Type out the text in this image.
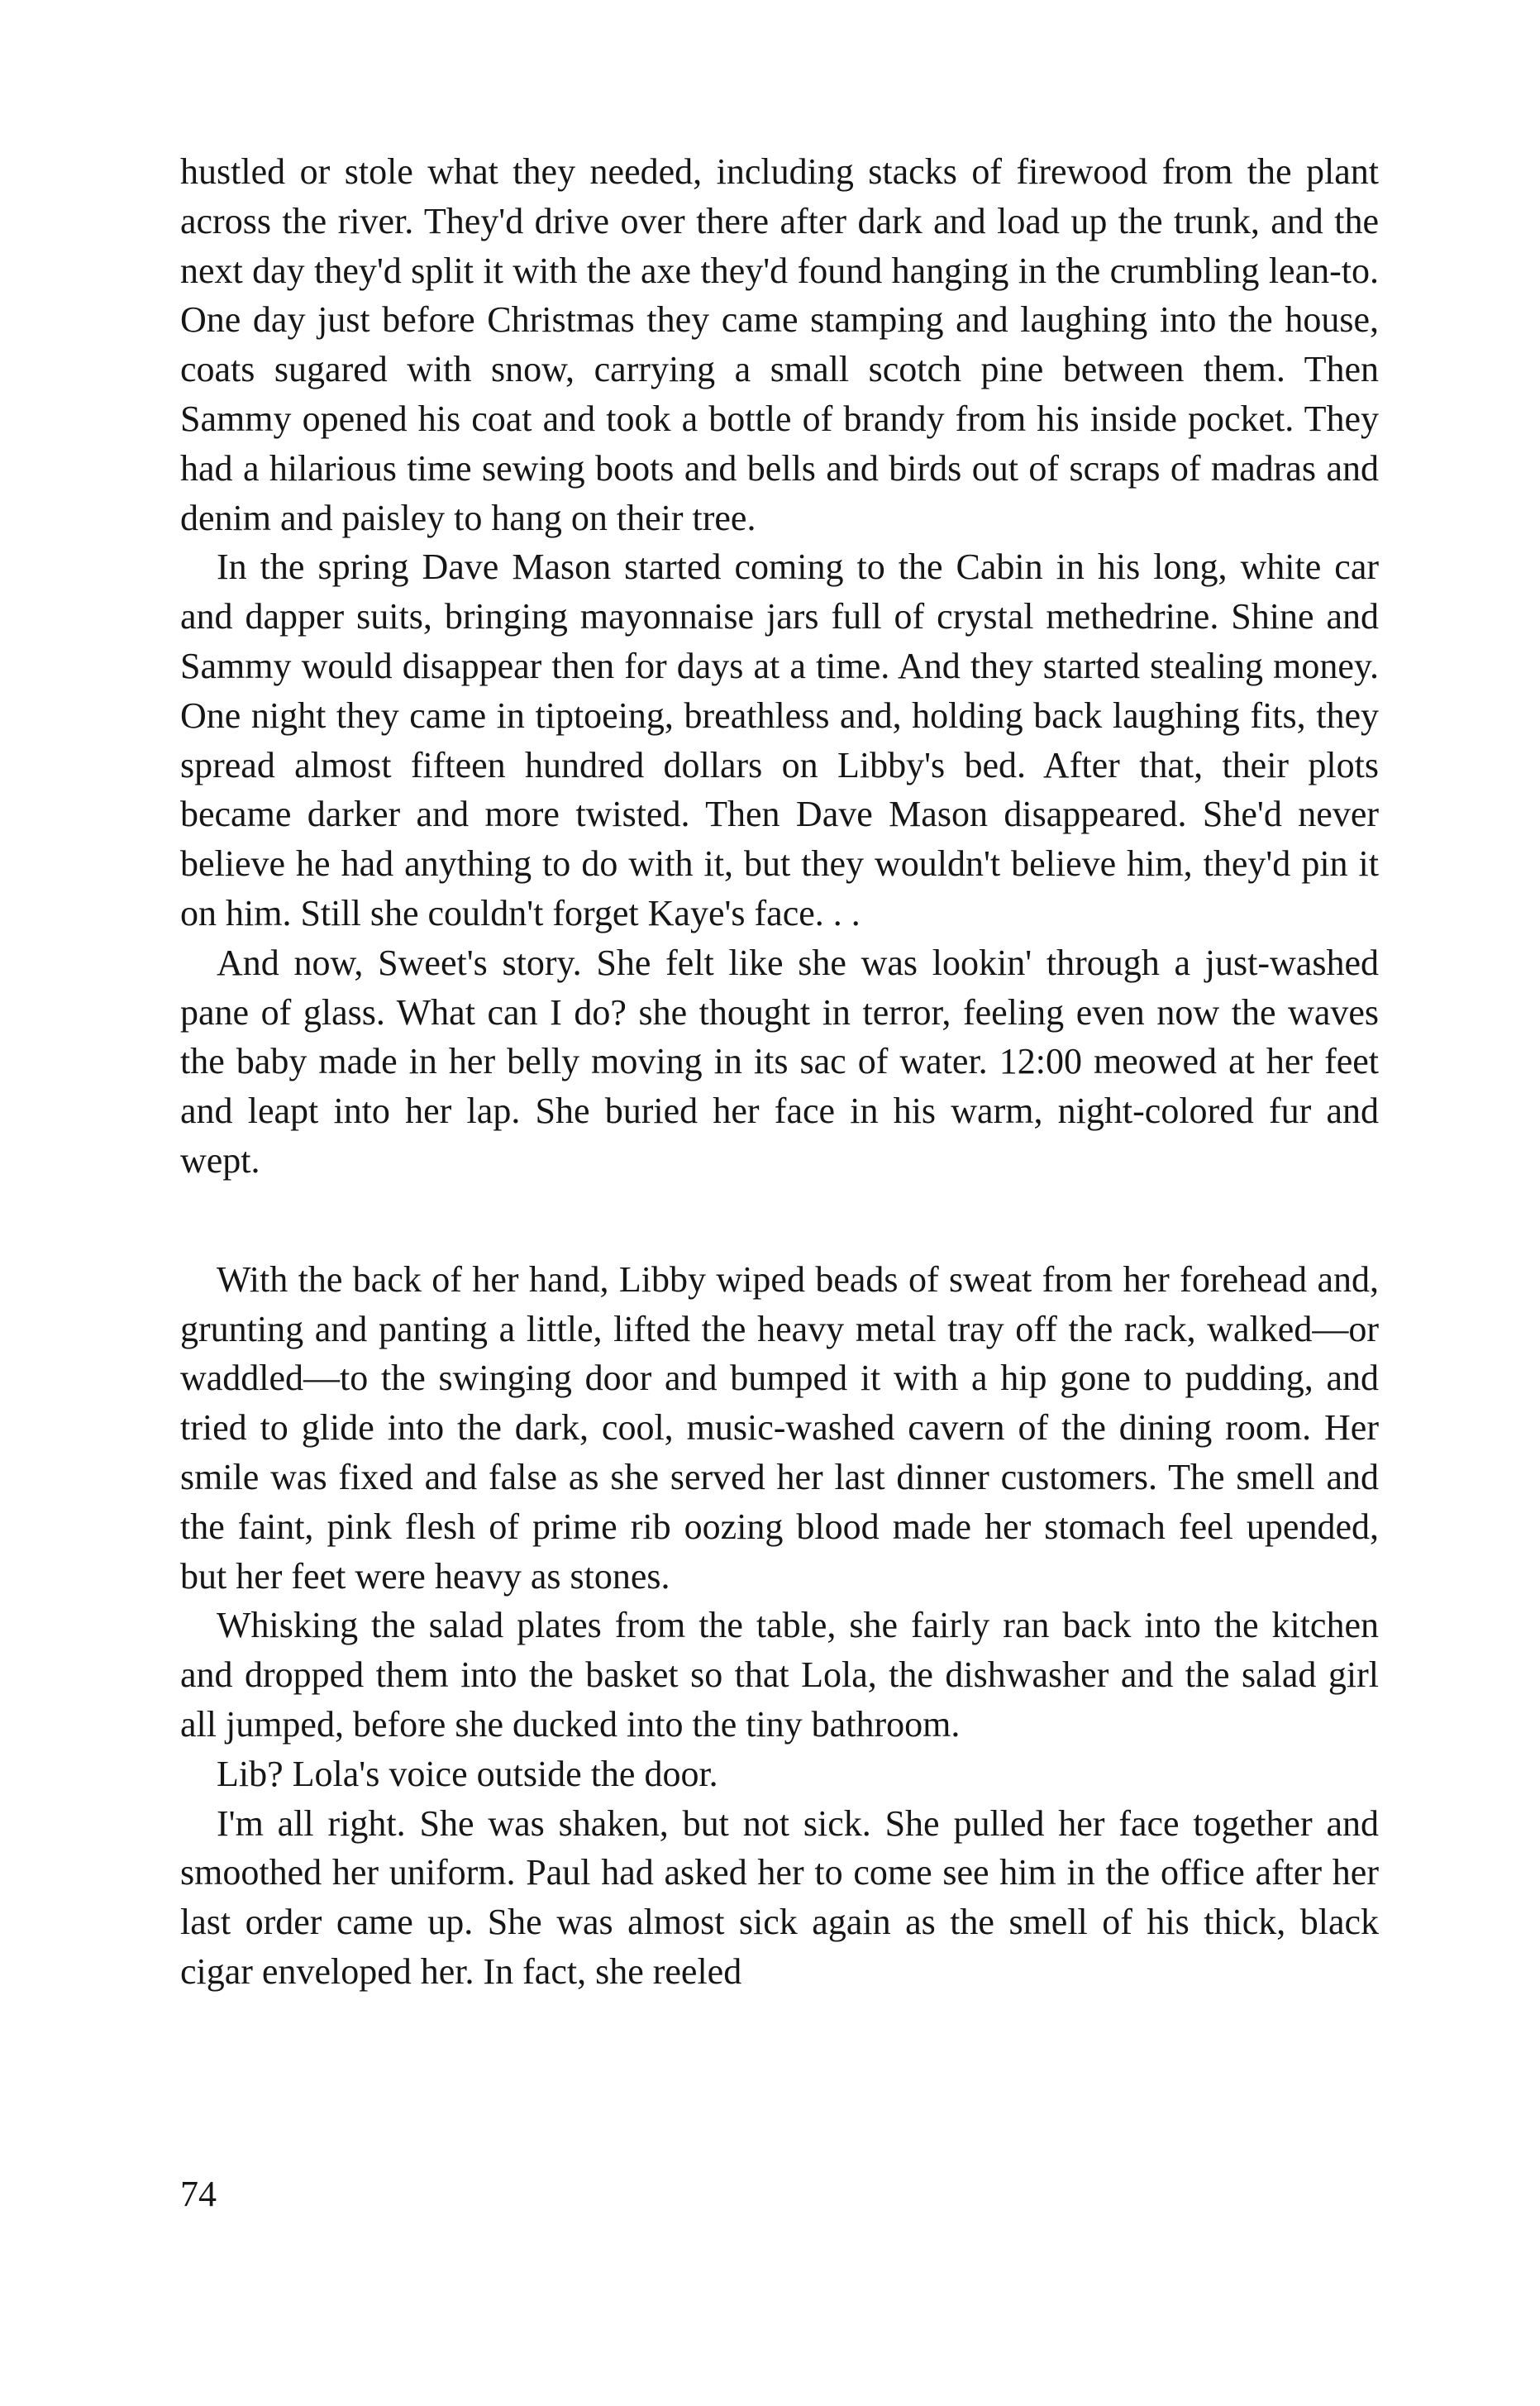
hustled or stole what they needed, including stacks of firewood from the plant across the river. They'd drive over there after dark and load up the trunk, and the next day they'd split it with the axe they'd found hanging in the crumbling lean-to. One day just before Christmas they came stamping and laughing into the house, coats sugared with snow, carrying a small scotch pine between them. Then Sammy opened his coat and took a bottle of brandy from his inside pocket. They had a hilarious time sewing boots and bells and birds out of scraps of madras and denim and paisley to hang on their tree.

In the spring Dave Mason started coming to the Cabin in his long, white car and dapper suits, bringing mayonnaise jars full of crystal methedrine. Shine and Sammy would disappear then for days at a time. And they started stealing money. One night they came in tiptoeing, breathless and, holding back laughing fits, they spread almost fifteen hundred dollars on Libby's bed. After that, their plots became darker and more twisted. Then Dave Mason disappeared. She'd never believe he had anything to do with it, but they wouldn't believe him, they'd pin it on him. Still she couldn't forget Kaye's face. . .

And now, Sweet's story. She felt like she was lookin' through a just-washed pane of glass. What can I do? she thought in terror, feeling even now the waves the baby made in her belly moving in its sac of water. 12:00 meowed at her feet and leapt into her lap. She buried her face in his warm, night-colored fur and wept.

With the back of her hand, Libby wiped beads of sweat from her forehead and, grunting and panting a little, lifted the heavy metal tray off the rack, walked—or waddled—to the swinging door and bumped it with a hip gone to pudding, and tried to glide into the dark, cool, music-washed cavern of the dining room. Her smile was fixed and false as she served her last dinner customers. The smell and the faint, pink flesh of prime rib oozing blood made her stomach feel upended, but her feet were heavy as stones.

Whisking the salad plates from the table, she fairly ran back into the kitchen and dropped them into the basket so that Lola, the dishwasher and the salad girl all jumped, before she ducked into the tiny bathroom.

Lib? Lola's voice outside the door.

I'm all right. She was shaken, but not sick. She pulled her face together and smoothed her uniform. Paul had asked her to come see him in the office after her last order came up. She was almost sick again as the smell of his thick, black cigar enveloped her. In fact, she reeled

74
